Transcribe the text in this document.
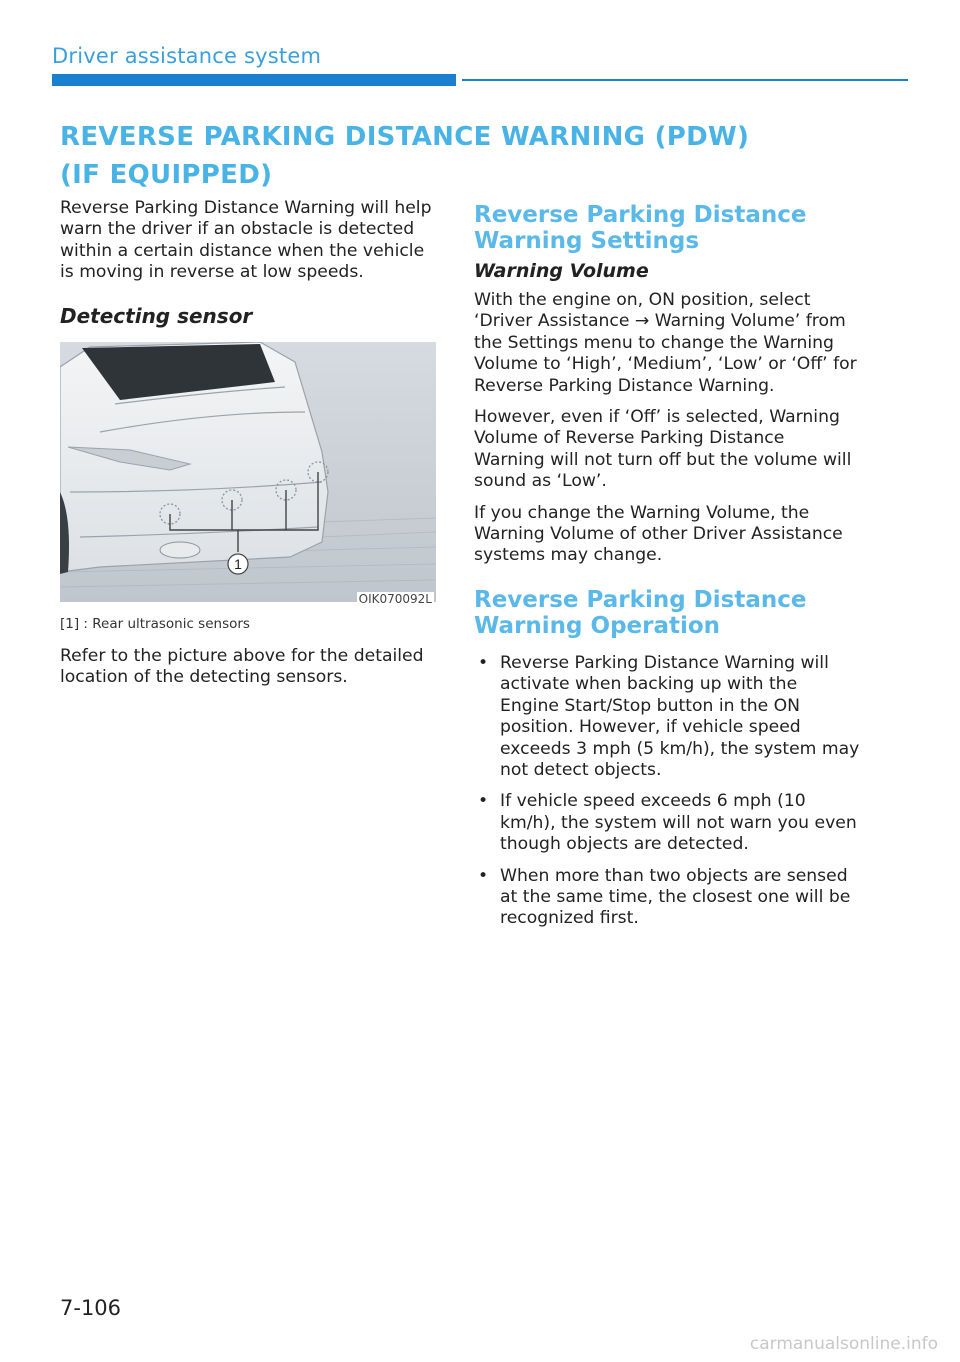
Driver assistance system
REVERSE PARKING DISTANCE WARNING (PDW) (IF EQUIPPED)

Reverse Parking Distance Warning will help warn the driver if an obstacle is detected within a certain distance when the vehicle is moving in reverse at low speeds.

Detecting sensor
1
OIK070092L
[1] : Rear ultrasonic sensors

Refer to the picture above for the detailed location of the detecting sensors.

Reverse Parking Distance Warning Settings
Warning Volume

With the engine on, ON position, select ‘Driver Assistance → Warning Volume’ from the Settings menu to change the Warning Volume to ‘High’, ‘Medium’, ‘Low’ or ‘Off’ for Reverse Parking Distance Warning.

However, even if ‘Off’ is selected, Warning Volume of Reverse Parking Distance Warning will not turn off but the volume will sound as ‘Low’.

If you change the Warning Volume, the Warning Volume of other Driver Assistance systems may change.

Reverse Parking Distance Warning Operation
• Reverse Parking Distance Warning will activate when backing up with the Engine Start/Stop button in the ON position. However, if vehicle speed exceeds 3 mph (5 km/h), the system may not detect objects.
• If vehicle speed exceeds 6 mph (10 km/h), the system will not warn you even though objects are detected.
• When more than two objects are sensed at the same time, the closest one will be recognized first.
7-106
carmanualsonline.info
